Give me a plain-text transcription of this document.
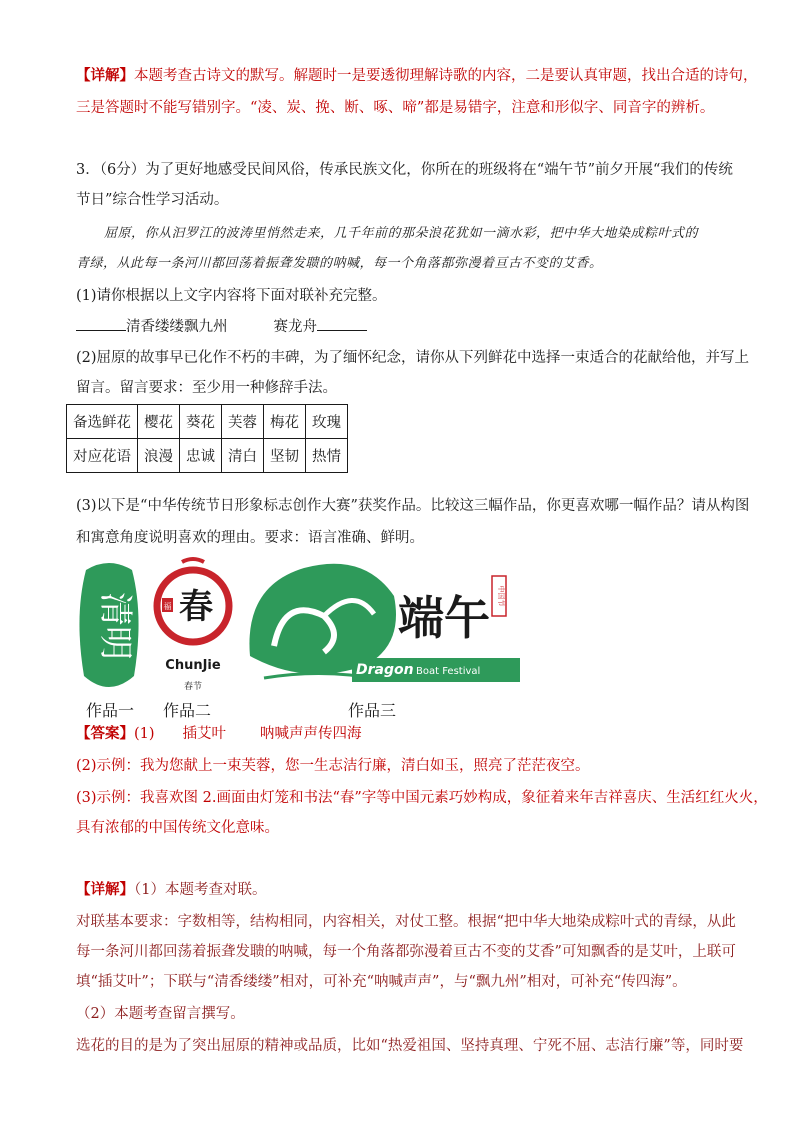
【详解】本题考查古诗文的默写。解题时一是要透彻理解诗歌的内容，二是要认真审题，找出合适的诗句，
三是答题时不能写错别字。“凌、炭、挽、断、啄、啼”都是易错字，注意和形似字、同音字的辨析。
3．（6分）为了更好地感受民间风俗，传承民族文化，你所在的班级将在“端午节”前夕开展“我们的传统
节日”综合性学习活动。
屈原，你从汩罗江的波涛里悄然走来，几千年前的那朵浪花犹如一滴水彩，把中华大地染成粽叶式的
青绿，从此每一条河川都回荡着振聋发聩的呐喊，每一个角落都弥漫着亘古不变的艾香。
(1)请你根据以上文字内容将下面对联补充完整。
清香缕缕飘九州	赛龙舟
(2)屈原的故事早已化作不朽的丰碑，为了缅怀纪念，请你从下列鲜花中选择一束适合的花献给他，并写上
留言。留言要求：至少用一种修辞手法。
备选鲜花	樱花	葵花	芙蓉	梅花	玫瑰
对应花语	浪漫	忠诚	清白	坚韧	热情
(3)以下是“中华传统节日形象标志创作大赛”获奖作品。比较这三幅作品，你更喜欢哪一幅作品？请从构图
和寓意角度说明喜欢的理由。要求：语言准确、鲜明。
清明 春
福
ChunJie
春节
端午 中国节
Dragon Boat Festival
作品一 作品二	作品三
【答案】(1) 插艾叶 呐喊声声传四海
(2)示例：我为您献上一束芙蓉，您一生志洁行廉，清白如玉，照亮了茫茫夜空。
(3)示例：我喜欢图 2.画面由灯笼和书法“春”字等中国元素巧妙构成，象征着来年吉祥喜庆、生活红红火火，
具有浓郁的中国传统文化意味。
【详解】（1）本题考查对联。
对联基本要求：字数相等，结构相同，内容相关，对仗工整。根据“把中华大地染成粽叶式的青绿，从此
每一条河川都回荡着振聋发聩的呐喊，每一个角落都弥漫着亘古不变的艾香”可知飘香的是艾叶，上联可
填“插艾叶”；下联与“清香缕缕”相对，可补充“呐喊声声”，与“飘九州”相对，可补充“传四海”。
（2）本题考查留言撰写。
选花的目的是为了突出屈原的精神或品质，比如“热爱祖国、坚持真理、宁死不屈、志洁行廉”等，同时要
